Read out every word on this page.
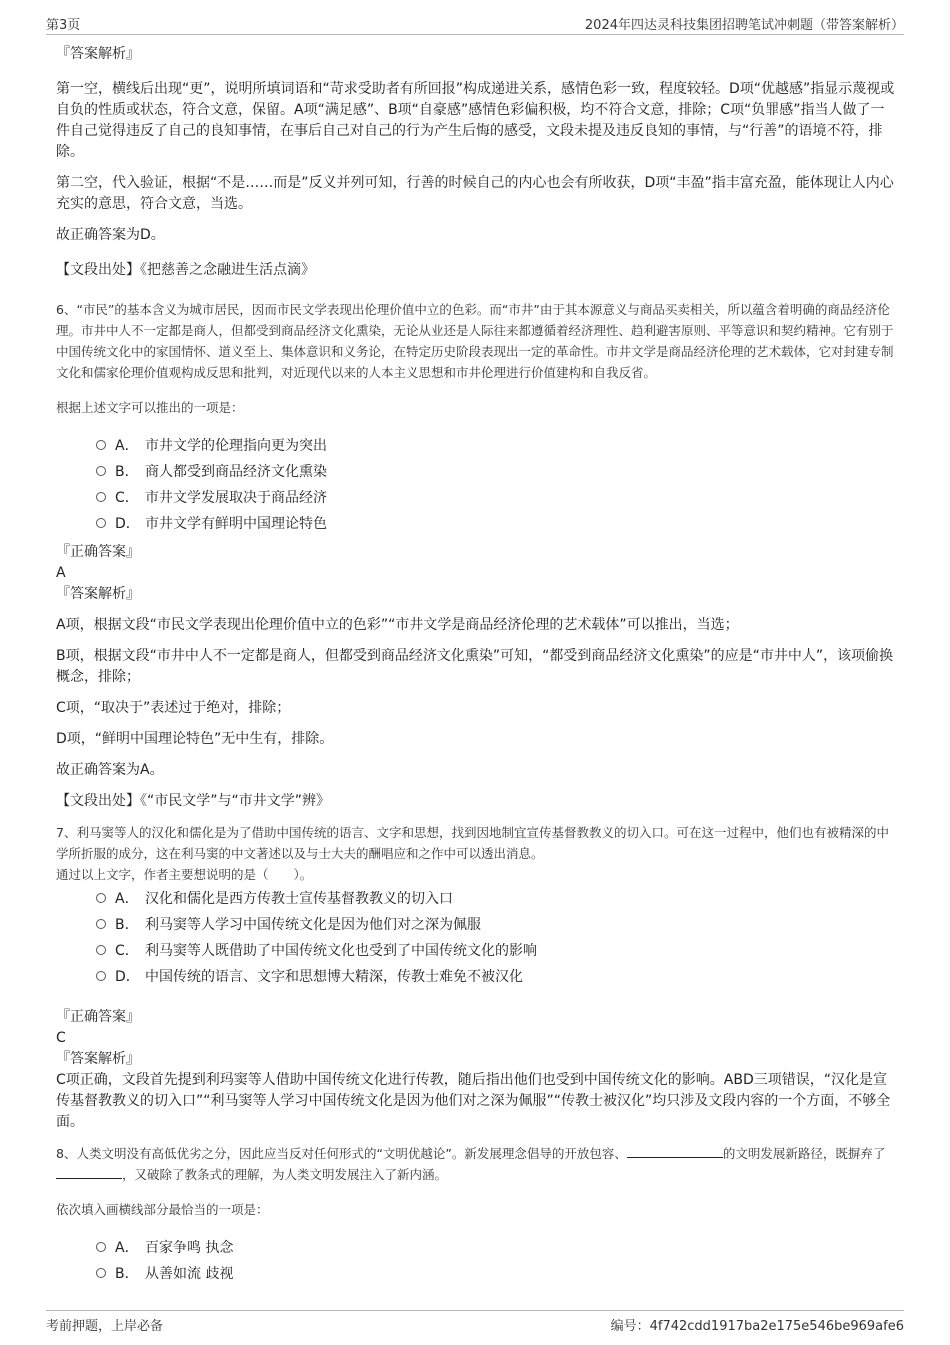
第3页	2024年四达灵科技集团招聘笔试冲刺题（带答案解析）

『答案解析』

第一空，横线后出现“更”，说明所填词语和“苛求受助者有所回报”构成递进关系，感情色彩一致，程度较轻。D项“优越感”指显示蔑视或自负的性质或状态，符合文意，保留。A项“满足感”、B项“自豪感”感情色彩偏积极，均不符合文意，排除；C项“负罪感”指当人做了一件自己觉得违反了自己的良知事情，在事后自己对自己的行为产生后悔的感受，文段未提及违反良知的事情，与“行善”的语境不符，排除。

第二空，代入验证，根据“不是……而是”反义并列可知，行善的时候自己的内心也会有所收获，D项“丰盈”指丰富充盈，能体现让人内心充实的意思，符合文意，当选。

故正确答案为D。

【文段出处】《把慈善之念融进生活点滴》

6、“市民”的基本含义为城市居民，因而市民文学表现出伦理价值中立的色彩。而“市井”由于其本源意义与商品买卖相关，所以蕴含着明确的商品经济伦理。市井中人不一定都是商人，但都受到商品经济文化熏染，无论从业还是人际往来都遵循着经济理性、趋利避害原则、平等意识和契约精神。它有别于中国传统文化中的家国情怀、道义至上、集体意识和义务论，在特定历史阶段表现出一定的革命性。市井文学是商品经济伦理的艺术载体，它对封建专制文化和儒家伦理价值观构成反思和批判，对近现代以来的人本主义思想和市井伦理进行价值建构和自我反省。

根据上述文字可以推出的一项是：

A． 市井文学的伦理指向更为突出
B． 商人都受到商品经济文化熏染
C． 市井文学发展取决于商品经济
D． 市井文学有鲜明中国理论特色

『正确答案』

A

『答案解析』

A项，根据文段“市民文学表现出伦理价值中立的色彩”“市井文学是商品经济伦理的艺术载体”可以推出，当选；

B项，根据文段“市井中人不一定都是商人，但都受到商品经济文化熏染”可知，“都受到商品经济文化熏染”的应是“市井中人”，该项偷换概念，排除；

C项，“取决于”表述过于绝对，排除；

D项，“鲜明中国理论特色”无中生有，排除。

故正确答案为A。

【文段出处】《“市民文学”与“市井文学”辨》

7、利马窦等人的汉化和儒化是为了借助中国传统的语言、文字和思想，找到因地制宜宣传基督教教义的切入口。可在这一过程中，他们也有被精深的中学所折服的成分，这在利马窦的中文著述以及与士大夫的酬唱应和之作中可以透出消息。

通过以上文字，作者主要想说明的是（　　）。

A． 汉化和儒化是西方传教士宣传基督教教义的切入口
B． 利马窦等人学习中国传统文化是因为他们对之深为佩服
C． 利马窦等人既借助了中国传统文化也受到了中国传统文化的影响
D． 中国传统的语言、文字和思想博大精深，传教士难免不被汉化

『正确答案』

C

『答案解析』

C项正确，文段首先提到利玛窦等人借助中国传统文化进行传教，随后指出他们也受到中国传统文化的影响。ABD三项错误，“汉化是宣传基督教教义的切入口”“利马窦等人学习中国传统文化是因为他们对之深为佩服”“传教士被汉化”均只涉及文段内容的一个方面，不够全面。

8、人类文明没有高低优劣之分，因此应当反对任何形式的“文明优越论”。新发展理念倡导的开放包容、	的文明发展新路径，既摒弃了，又破除了教条式的理解，为人类文明发展注入了新内涵。

依次填入画横线部分最恰当的一项是：

A． 百家争鸣 执念
B． 从善如流 歧视
考前押题，上岸必备	编号：4f742cdd1917ba2e175e546be969afe6
